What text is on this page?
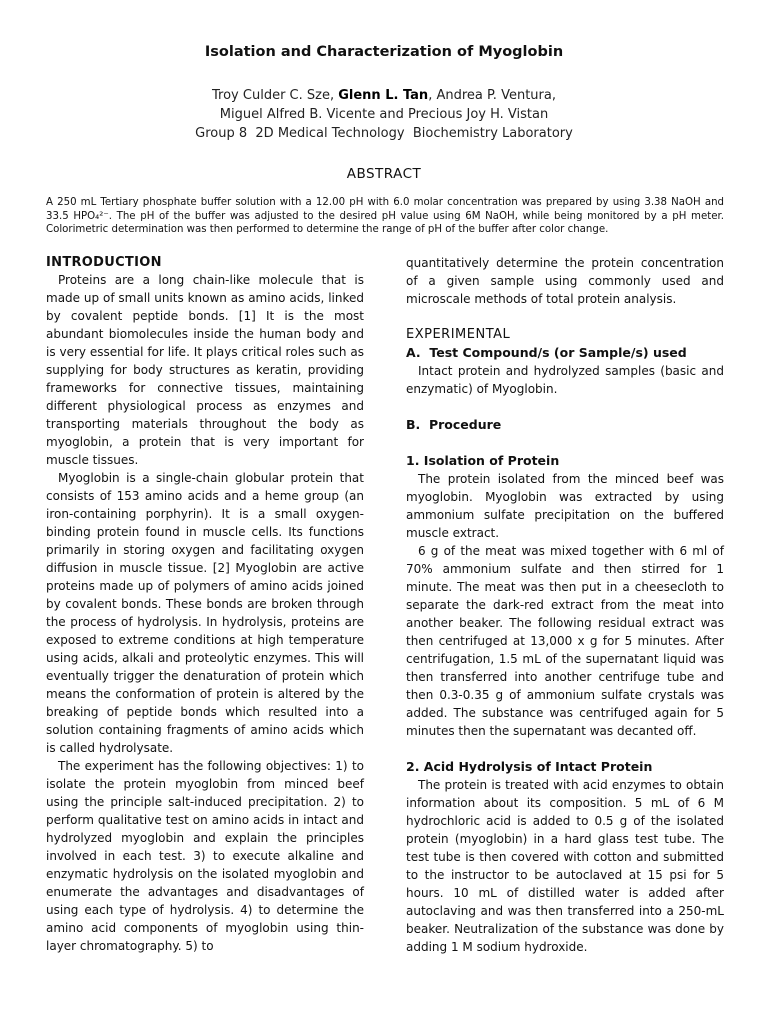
Isolation and Characterization of Myoglobin
Troy Culder C. Sze, Glenn L. Tan, Andrea P. Ventura,
Miguel Alfred B. Vicente and Precious Joy H. Vistan
Group 8  2D Medical Technology  Biochemistry Laboratory
ABSTRACT

A 250 mL Tertiary phosphate buffer solution with a 12.00 pH with 6.0 molar concentration was prepared by using 3.38 NaOH and 33.5 HPO₄²⁻. The pH of the buffer was adjusted to the desired pH value using 6M NaOH, while being monitored by a pH meter. Colorimetric determination was then performed to determine the range of pH of the buffer after color change.

INTRODUCTION

Proteins are a long chain-like molecule that is made up of small units known as amino acids, linked by covalent peptide bonds. [1] It is the most abundant biomolecules inside the human body and is very essential for life. It plays critical roles such as supplying for body structures as keratin, providing frameworks for connective tissues, maintaining different physiological process as enzymes and transporting materials throughout the body as myoglobin, a protein that is very important for muscle tissues.

Myoglobin is a single-chain globular protein that consists of 153 amino acids and a heme group (an iron-containing porphyrin). It is a small oxygen-binding protein found in muscle cells. Its functions primarily in storing oxygen and facilitating oxygen diffusion in muscle tissue. [2] Myoglobin are active proteins made up of polymers of amino acids joined by covalent bonds. These bonds are broken through the process of hydrolysis. In hydrolysis, proteins are exposed to extreme conditions at high temperature using acids, alkali and proteolytic enzymes. This will eventually trigger the denaturation of protein which means the conformation of protein is altered by the breaking of peptide bonds which resulted into a solution containing fragments of amino acids which is called hydrolysate.

The experiment has the following objectives: 1) to isolate the protein myoglobin from minced beef using the principle salt-induced precipitation. 2) to perform qualitative test on amino acids in intact and hydrolyzed myoglobin and explain the principles involved in each test. 3) to execute alkaline and enzymatic hydrolysis on the isolated myoglobin and enumerate the advantages and disadvantages of using each type of hydrolysis. 4) to determine the amino acid components of myoglobin using thin-layer chromatography. 5) to

quantitatively determine the protein concentration of a given sample using commonly used and microscale methods of total protein analysis.

EXPERIMENTAL
A.  Test Compound/s (or Sample/s) used

Intact protein and hydrolyzed samples (basic and enzymatic) of Myoglobin.

B.  Procedure
1. Isolation of Protein

The protein isolated from the minced beef was myoglobin. Myoglobin was extracted by using ammonium sulfate precipitation on the buffered muscle extract.

6 g of the meat was mixed together with 6 ml of 70% ammonium sulfate and then stirred for 1 minute. The meat was then put in a cheesecloth to separate the dark-red extract from the meat into another beaker. The following residual extract was then centrifuged at 13,000 x g for 5 minutes. After centrifugation, 1.5 mL of the supernatant liquid was then transferred into another centrifuge tube and then 0.3-0.35 g of ammonium sulfate crystals was added. The substance was centrifuged again for 5 minutes then the supernatant was decanted off.

2. Acid Hydrolysis of Intact Protein

The protein is treated with acid enzymes to obtain information about its composition. 5 mL of 6 M hydrochloric acid is added to 0.5 g of the isolated protein (myoglobin) in a hard glass test tube. The test tube is then covered with cotton and submitted to the instructor to be autoclaved at 15 psi for 5 hours. 10 mL of distilled water is added after autoclaving and was then transferred into a 250-mL beaker. Neutralization of the substance was done by adding 1 M sodium hydroxide.
